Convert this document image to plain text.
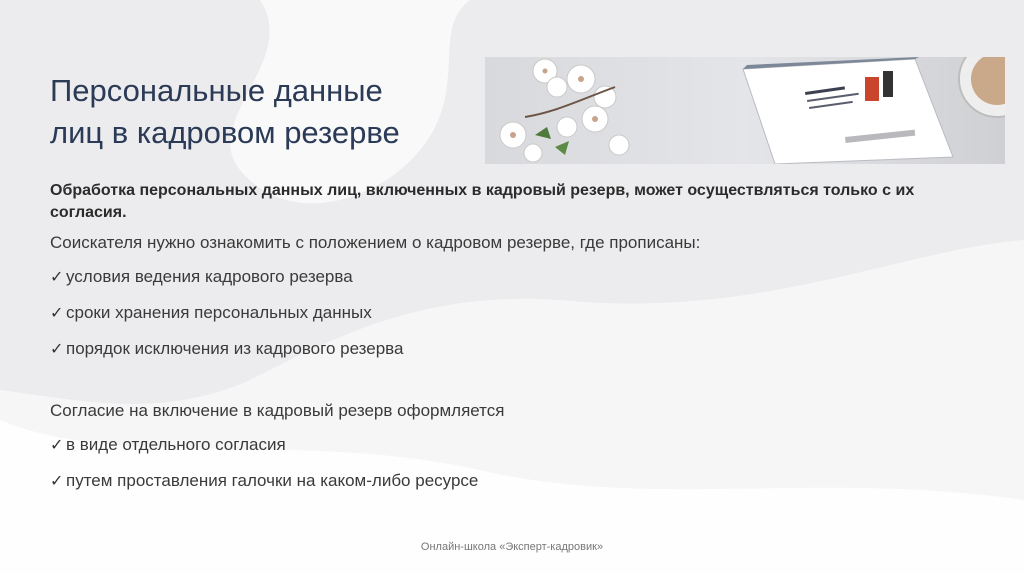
Персональные данные
лиц в кадровом резерве

Обработка персональных данных лиц, включенных в кадровый резерв, может осуществляться только с их согласия.

Соискателя нужно ознакомить с положением о кадровом резерве, где прописаны:

✓ условия ведения кадрового резерва
✓ сроки хранения персональных данных
✓ порядок исключения из кадрового резерва

Согласие на включение в кадровый резерв оформляется

✓ в виде отдельного согласия
✓ путем проставления галочки на каком-либо ресурсе
Онлайн-школа «Эксперт-кадровик»
